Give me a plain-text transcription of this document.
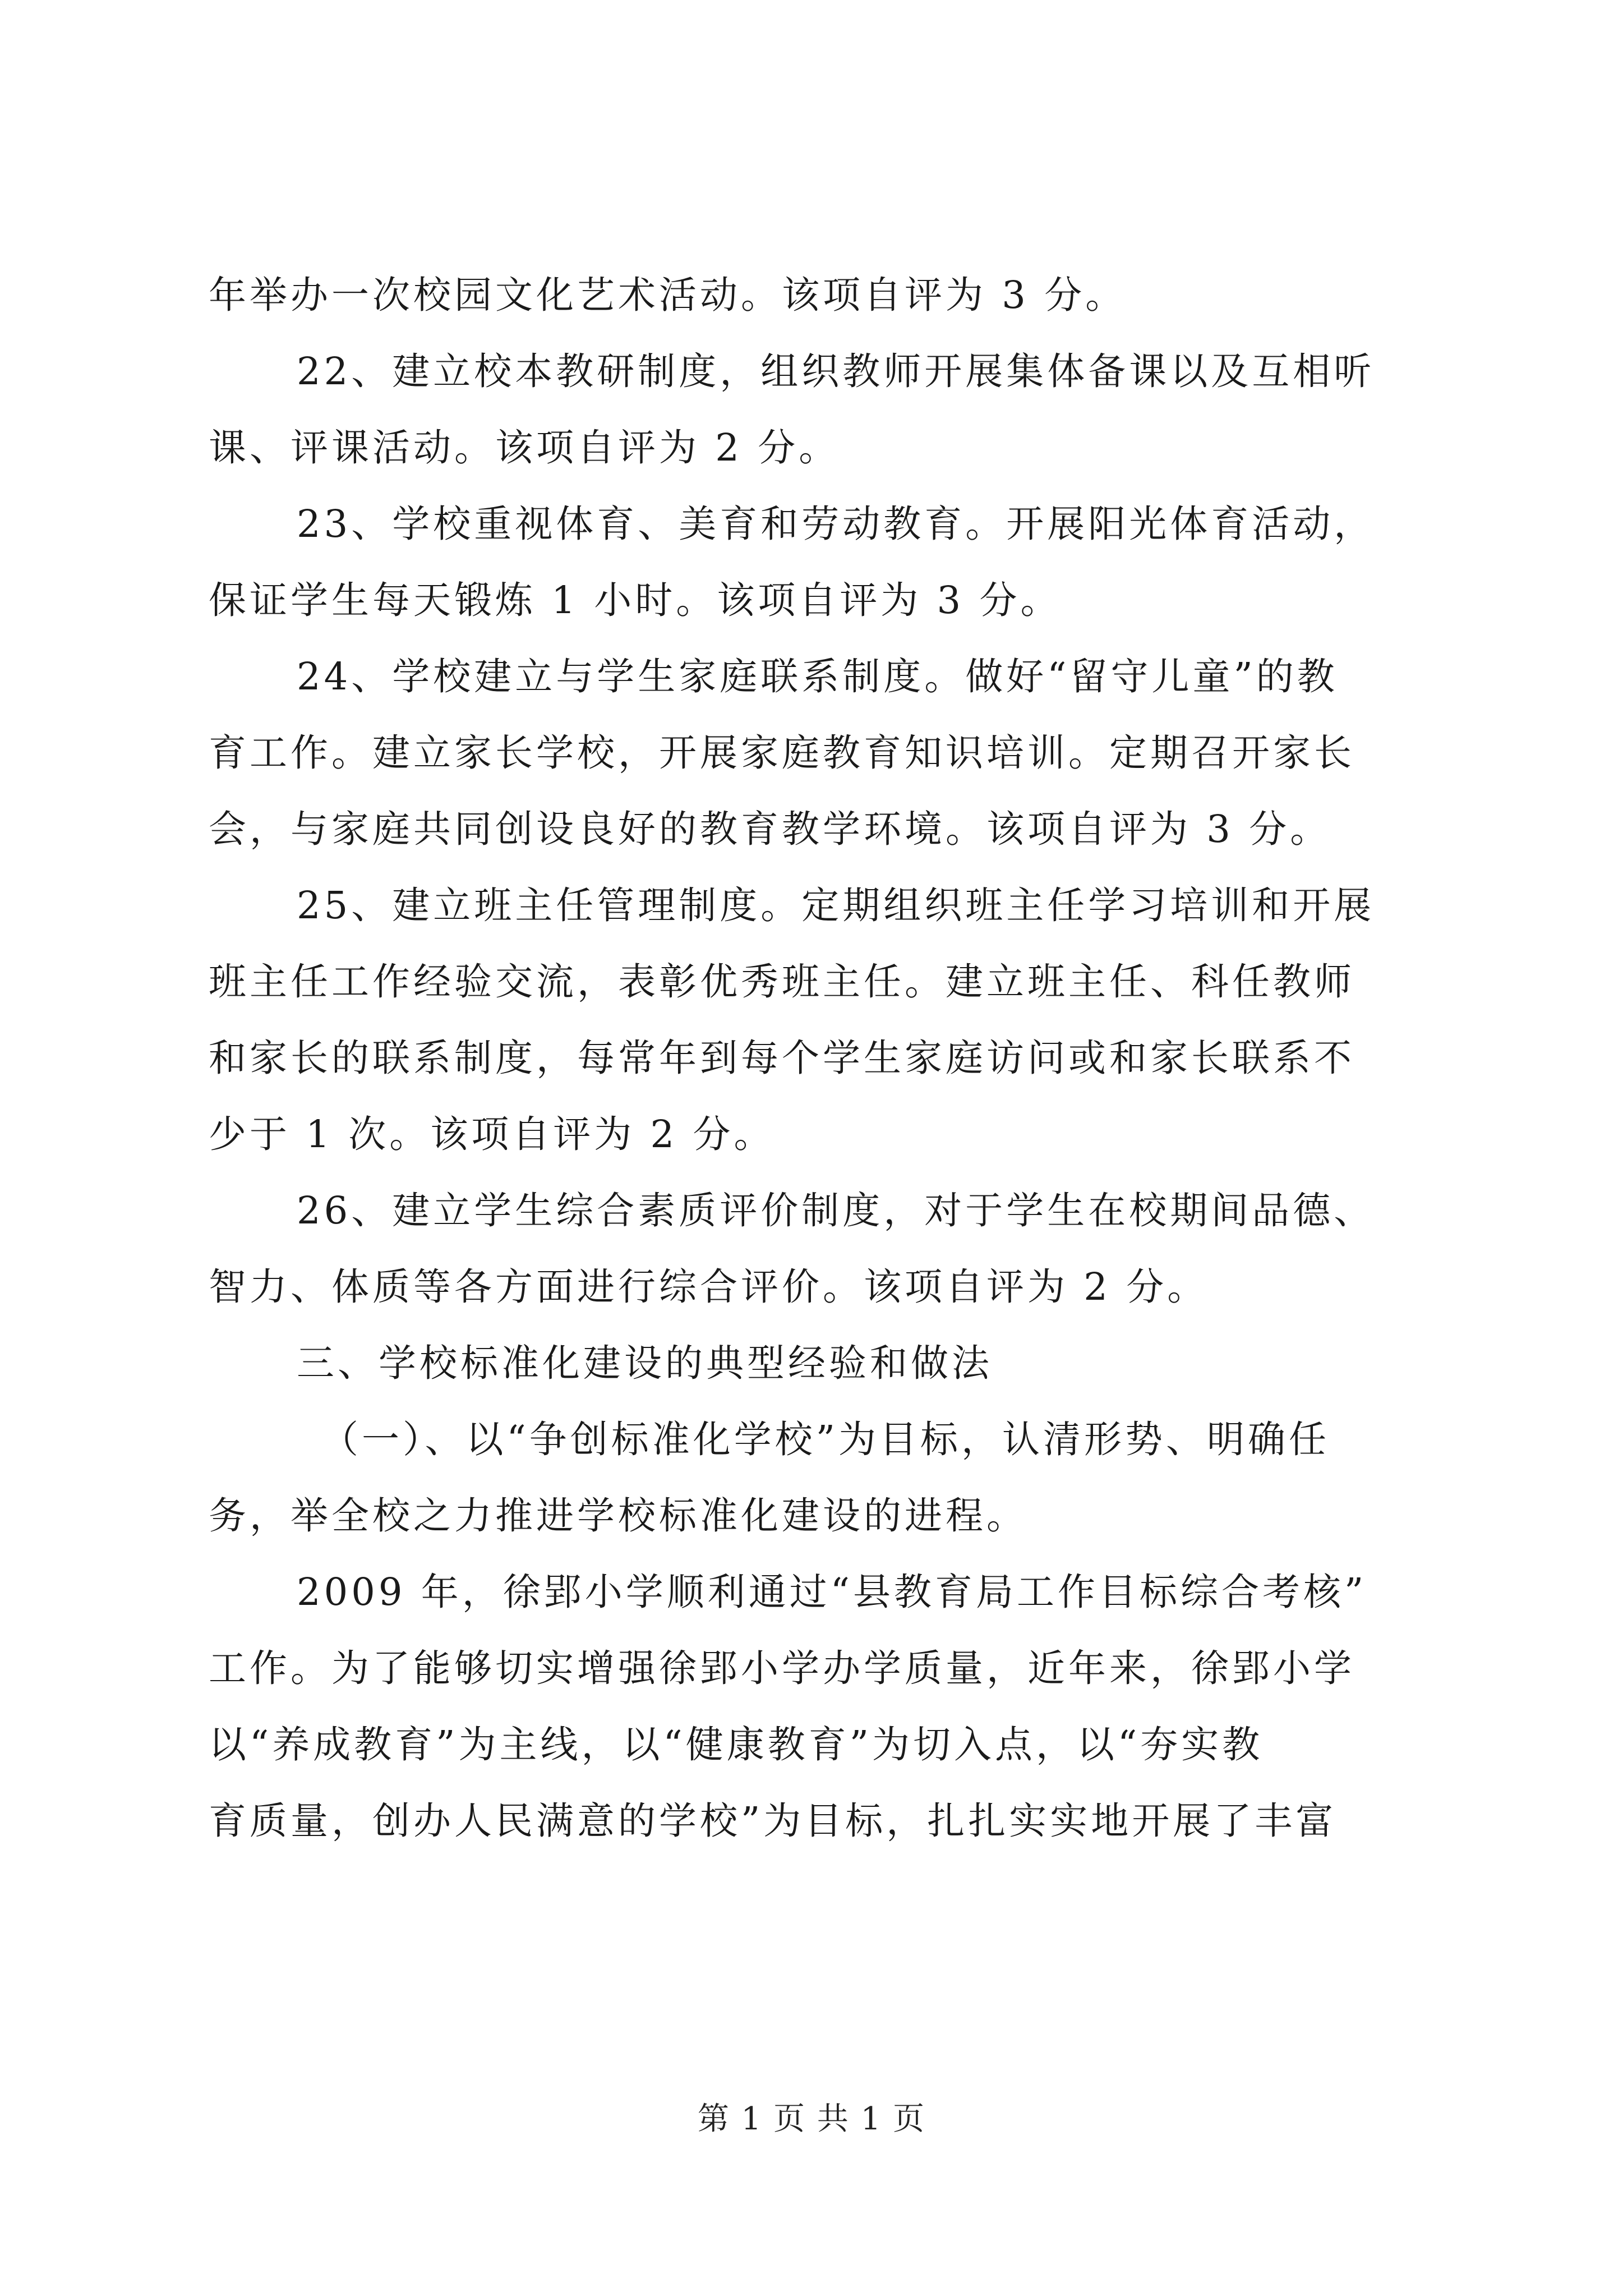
年举办一次校园文化艺术活动。该项自评为 3 分。
22、建立校本教研制度，组织教师开展集体备课以及互相听
课、评课活动。该项自评为 2 分。
23、学校重视体育、美育和劳动教育。开展阳光体育活动，
保证学生每天锻炼 1 小时。该项自评为 3 分。
24、学校建立与学生家庭联系制度。做好“留守儿童”的教
育工作。建立家长学校，开展家庭教育知识培训。定期召开家长
会，与家庭共同创设良好的教育教学环境。该项自评为 3 分。
25、建立班主任管理制度。定期组织班主任学习培训和开展
班主任工作经验交流，表彰优秀班主任。建立班主任、科任教师
和家长的联系制度，每常年到每个学生家庭访问或和家长联系不
少于 1 次。该项自评为 2 分。
26、建立学生综合素质评价制度，对于学生在校期间品德、
智力、体质等各方面进行综合评价。该项自评为 2 分。
三、学校标准化建设的典型经验和做法
（一）、以“争创标准化学校”为目标，认清形势、明确任
务，举全校之力推进学校标准化建设的进程。
2009 年，徐郢小学顺利通过“县教育局工作目标综合考核”
工作。为了能够切实增强徐郢小学办学质量，近年来，徐郢小学
以“养成教育”为主线，以“健康教育”为切入点，以“夯实教
育质量，创办人民满意的学校”为目标，扎扎实实地开展了丰富
第 1 页 共 1 页
